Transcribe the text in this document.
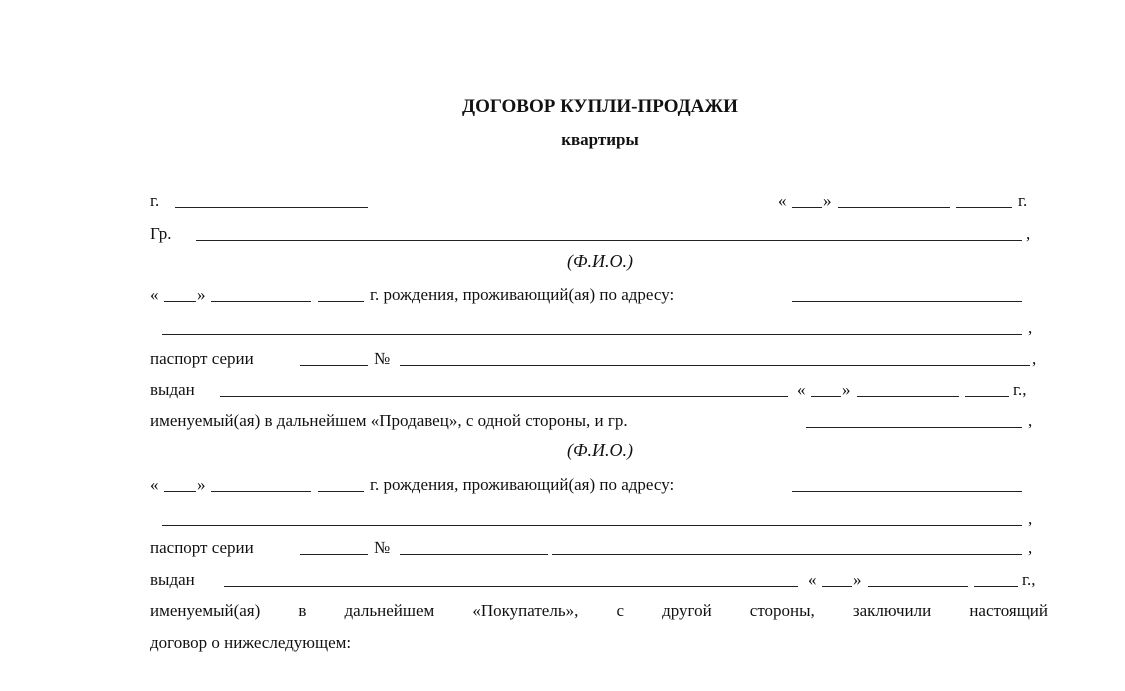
ДОГОВОР КУПЛИ-ПРОДАЖИ
квартиры
г.	« »	г.
Гр.	,
(Ф.И.О.)
« »	г. рождения, проживающий(ая) по адресу:
,
паспорт серии	№	,
выдан	« »	г.,
именуемый(ая) в дальнейшем «Продавец», с одной стороны, и гр.	,
(Ф.И.О.)
« »	г. рождения, проживающий(ая) по адресу:
,
паспорт серии	№	,
выдан	« »	г.,
именуемый(ая) в дальнейшем «Покупатель», с другой стороны, заключили настоящий
договор о нижеследующем:
